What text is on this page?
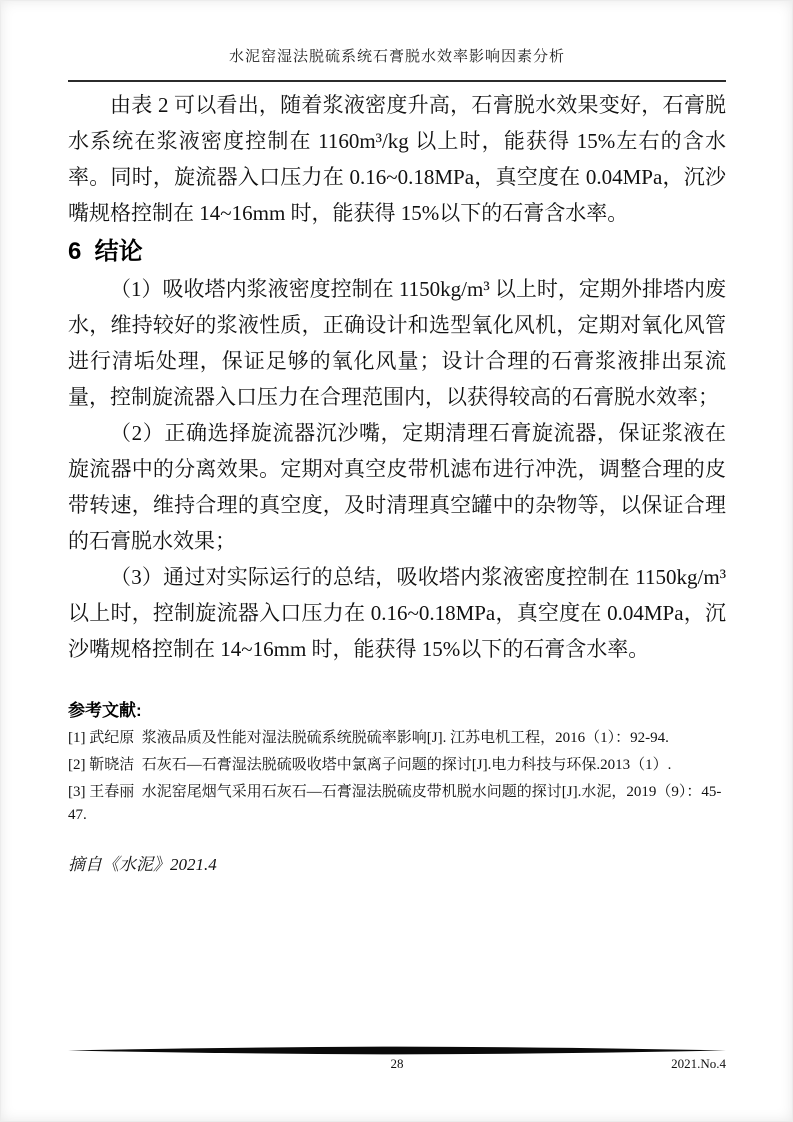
水泥窑湿法脱硫系统石膏脱水效率影响因素分析

由表 2 可以看出，随着浆液密度升高，石膏脱水效果变好，石膏脱水系统在浆液密度控制在 1160m³/kg 以上时，能获得 15%左右的含水率。同时，旋流器入口压力在 0.16~0.18MPa，真空度在 0.04MPa，沉沙嘴规格控制在 14~16mm 时，能获得 15%以下的石膏含水率。

6  结论

（1）吸收塔内浆液密度控制在 1150kg/m³ 以上时，定期外排塔内废水，维持较好的浆液性质，正确设计和选型氧化风机，定期对氧化风管进行清垢处理，保证足够的氧化风量；设计合理的石膏浆液排出泵流量，控制旋流器入口压力在合理范围内，以获得较高的石膏脱水效率；

（2）正确选择旋流器沉沙嘴，定期清理石膏旋流器，保证浆液在旋流器中的分离效果。定期对真空皮带机滤布进行冲洗，调整合理的皮带转速，维持合理的真空度，及时清理真空罐中的杂物等，以保证合理的石膏脱水效果；

（3）通过对实际运行的总结，吸收塔内浆液密度控制在 1150kg/m³ 以上时，控制旋流器入口压力在 0.16~0.18MPa，真空度在 0.04MPa，沉沙嘴规格控制在 14~16mm 时，能获得 15%以下的石膏含水率。

参考文献:
[1] 武纪原  浆液品质及性能对湿法脱硫系统脱硫率影响[J]. 江苏电机工程，2016（1）：92-94.
[2] 靳晓洁  石灰石—石膏湿法脱硫吸收塔中氯离子问题的探讨[J].电力科技与环保.2013（1）.
[3] 王春丽  水泥窑尾烟气采用石灰石—石膏湿法脱硫皮带机脱水问题的探讨[J].水泥，2019（9）：45-47.
摘自《水泥》2021.4
28	2021.No.4
